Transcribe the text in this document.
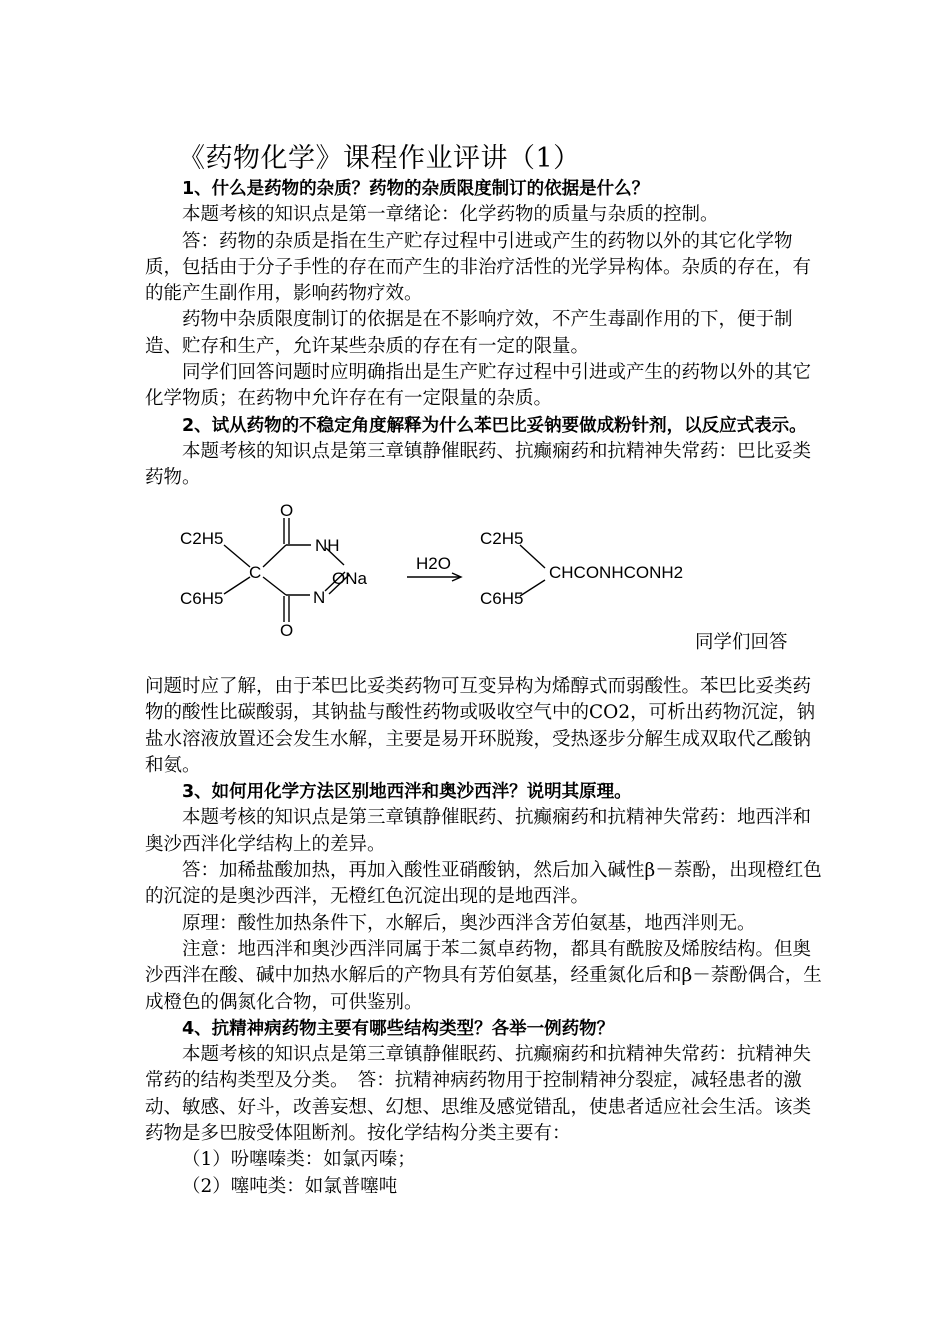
《药物化学》课程作业评讲（1）

1、什么是药物的杂质？药物的杂质限度制订的依据是什么？

本题考核的知识点是第一章绪论：化学药物的质量与杂质的控制。

答：药物的杂质是指在生产贮存过程中引进或产生的药物以外的其它化学物质，包括由于分子手性的存在而产生的非治疗活性的光学异构体。杂质的存在，有的能产生副作用，影响药物疗效。

药物中杂质限度制订的依据是在不影响疗效，不产生毒副作用的下，便于制造、贮存和生产，允许某些杂质的存在有一定的限量。

同学们回答问题时应明确指出是生产贮存过程中引进或产生的药物以外的其它化学物质；在药物中允许存在有一定限量的杂质。

2、试从药物的不稳定角度解释为什么苯巴比妥钠要做成粉针剂，以反应式表示。

本题考核的知识点是第三章镇静催眠药、抗癫痫药和抗精神失常药：巴比妥类药物。

O
C2H5	NH
C	ONa
C6H5	N
O
H2O
C2H5
CHCONHCONH2
C6H5
同学们回答

问题时应了解，由于苯巴比妥类药物可互变异构为烯醇式而弱酸性。苯巴比妥类药物的酸性比碳酸弱，其钠盐与酸性药物或吸收空气中的CO2，可析出药物沉淀，钠盐水溶液放置还会发生水解，主要是易开环脱羧，受热逐步分解生成双取代乙酸钠和氨。

3、如何用化学方法区别地西泮和奥沙西泮？说明其原理。

本题考核的知识点是第三章镇静催眠药、抗癫痫药和抗精神失常药：地西泮和奥沙西泮化学结构上的差异。

答：加稀盐酸加热，再加入酸性亚硝酸钠，然后加入碱性β－萘酚，出现橙红色的沉淀的是奥沙西泮，无橙红色沉淀出现的是地西泮。

原理：酸性加热条件下，水解后，奥沙西泮含芳伯氨基，地西泮则无。

注意：地西泮和奥沙西泮同属于苯二氮卓药物，都具有酰胺及烯胺结构。但奥沙西泮在酸、碱中加热水解后的产物具有芳伯氨基，经重氮化后和β－萘酚偶合，生成橙色的偶氮化合物，可供鉴别。

4、抗精神病药物主要有哪些结构类型？各举一例药物？

本题考核的知识点是第三章镇静催眠药、抗癫痫药和抗精神失常药：抗精神失常药的结构类型及分类。　答：抗精神病药物用于控制精神分裂症，减轻患者的激动、敏感、好斗，改善妄想、幻想、思维及感觉错乱，使患者适应社会生活。该类药物是多巴胺受体阻断剂。按化学结构分类主要有：

（1）吩噻嗪类：如氯丙嗪；

（2）噻吨类：如氯普噻吨
